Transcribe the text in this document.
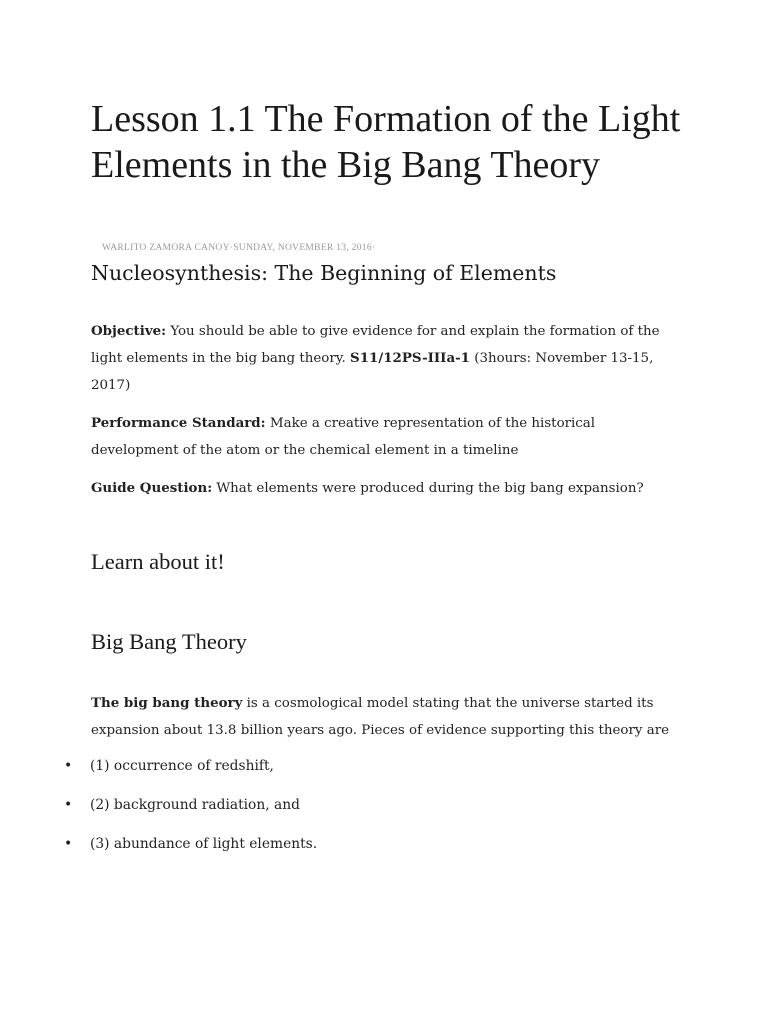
Lesson 1.1 The Formation of the Light Elements in the Big Bang Theory

WARLITO ZAMORA CANOY·SUNDAY, NOVEMBER 13, 2016·

Nucleosynthesis: The Beginning of Elements

Objective: You should be able to give evidence for and explain the formation of the light elements in the big bang theory. S11/12PS-IIIa-1 (3hours: November 13-15, 2017)

Performance Standard: Make a creative representation of the historical development of the atom or the chemical element in a timeline

Guide Question: What elements were produced during the big bang expansion?

Learn about it!
Big Bang Theory

The big bang theory is a cosmological model stating that the universe started its expansion about 13.8 billion years ago. Pieces of evidence supporting this theory are

• (1) occurrence of redshift,
• (2) background radiation, and
• (3) abundance of light elements.
